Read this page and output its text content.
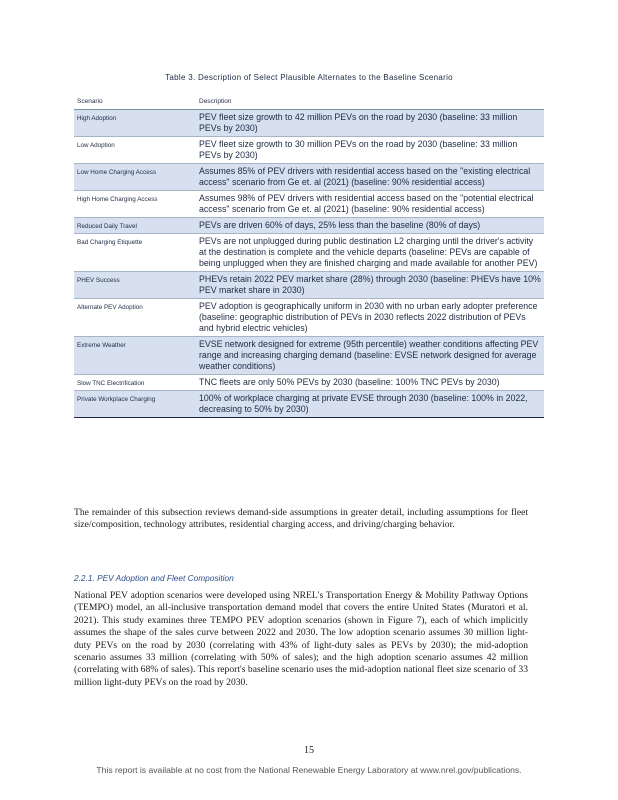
Table 3. Description of Select Plausible Alternates to the Baseline Scenario
Scenario	Description
High Adoption	PEV fleet size growth to 42 million PEVs on the road by 2030 (baseline: 33 million PEVs by 2030)
Low Adoption	PEV fleet size growth to 30 million PEVs on the road by 2030 (baseline: 33 million PEVs by 2030)
Low Home Charging Access	Assumes 85% of PEV drivers with residential access based on the "existing electrical access" scenario from Ge et. al (2021) (baseline: 90% residential access)
High Home Charging Access	Assumes 98% of PEV drivers with residential access based on the "potential electrical access" scenario from Ge et. al (2021) (baseline: 90% residential access)
Reduced Daily Travel	PEVs are driven 60% of days, 25% less than the baseline (80% of days)
Bad Charging Etiquette	PEVs are not unplugged during public destination L2 charging until the driver's activity at the destination is complete and the vehicle departs (baseline: PEVs are capable of being unplugged when they are finished charging and made available for another PEV)
PHEV Success	PHEVs retain 2022 PEV market share (28%) through 2030 (baseline: PHEVs have 10% PEV market share in 2030)
Alternate PEV Adoption	PEV adoption is geographically uniform in 2030 with no urban early adopter preference (baseline: geographic distribution of PEVs in 2030 reflects 2022 distribution of PEVs and hybrid electric vehicles)
Extreme Weather	EVSE network designed for extreme (95th percentile) weather conditions affecting PEV range and increasing charging demand (baseline: EVSE network designed for average weather conditions)
Slow TNC Electrification	TNC fleets are only 50% PEVs by 2030 (baseline: 100% TNC PEVs by 2030)
Private Workplace Charging	100% of workplace charging at private EVSE through 2030 (baseline: 100% in 2022, decreasing to 50% by 2030)

The remainder of this subsection reviews demand-side assumptions in greater detail, including assumptions for fleet size/composition, technology attributes, residential charging access, and driving/charging behavior.

2.2.1. PEV Adoption and Fleet Composition

National PEV adoption scenarios were developed using NREL's Transportation Energy & Mobility Pathway Options (TEMPO) model, an all-inclusive transportation demand model that covers the entire United States (Muratori et al. 2021). This study examines three TEMPO PEV adoption scenarios (shown in Figure 7), each of which implicitly assumes the shape of the sales curve between 2022 and 2030. The low adoption scenario assumes 30 million light-duty PEVs on the road by 2030 (correlating with 43% of light-duty sales as PEVs by 2030); the mid-adoption scenario assumes 33 million (correlating with 50% of sales); and the high adoption scenario assumes 42 million (correlating with 68% of sales). This report's baseline scenario uses the mid-adoption national fleet size scenario of 33 million light-duty PEVs on the road by 2030.

15
This report is available at no cost from the National Renewable Energy Laboratory at www.nrel.gov/publications.
